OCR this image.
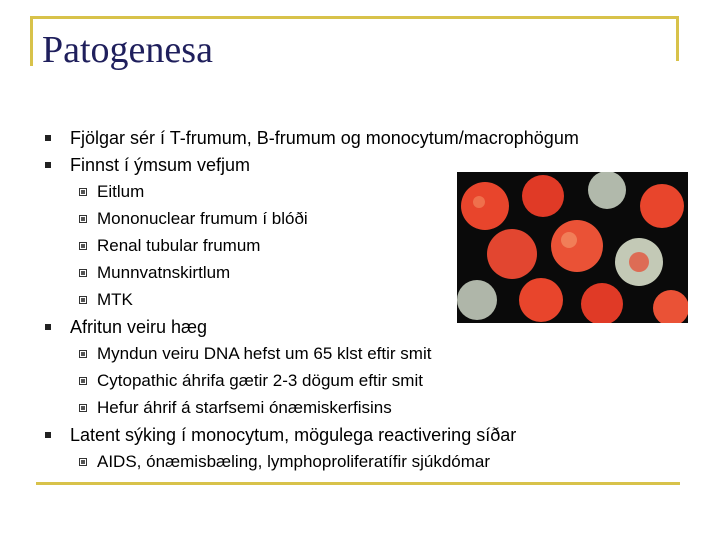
Patogenesa
Fjölgar sér í T-frumum, B-frumum og monocytum/macrophögum
Finnst í ýmsum vefjum
Eitlum
Mononuclear frumum í blóði
Renal tubular frumum
Munnvatnskirtlum
MTK
Afritun veiru hæg
Myndun veiru DNA hefst um 65 klst eftir smit
Cytopathic áhrifa gætir 2-3 dögum eftir smit
Hefur áhrif á starfsemi ónæmiskerfisins
Latent sýking í monocytum, mögulega reactivering síðar
AIDS, ónæmisbæling, lymphoproliferatífir sjúkdómar
